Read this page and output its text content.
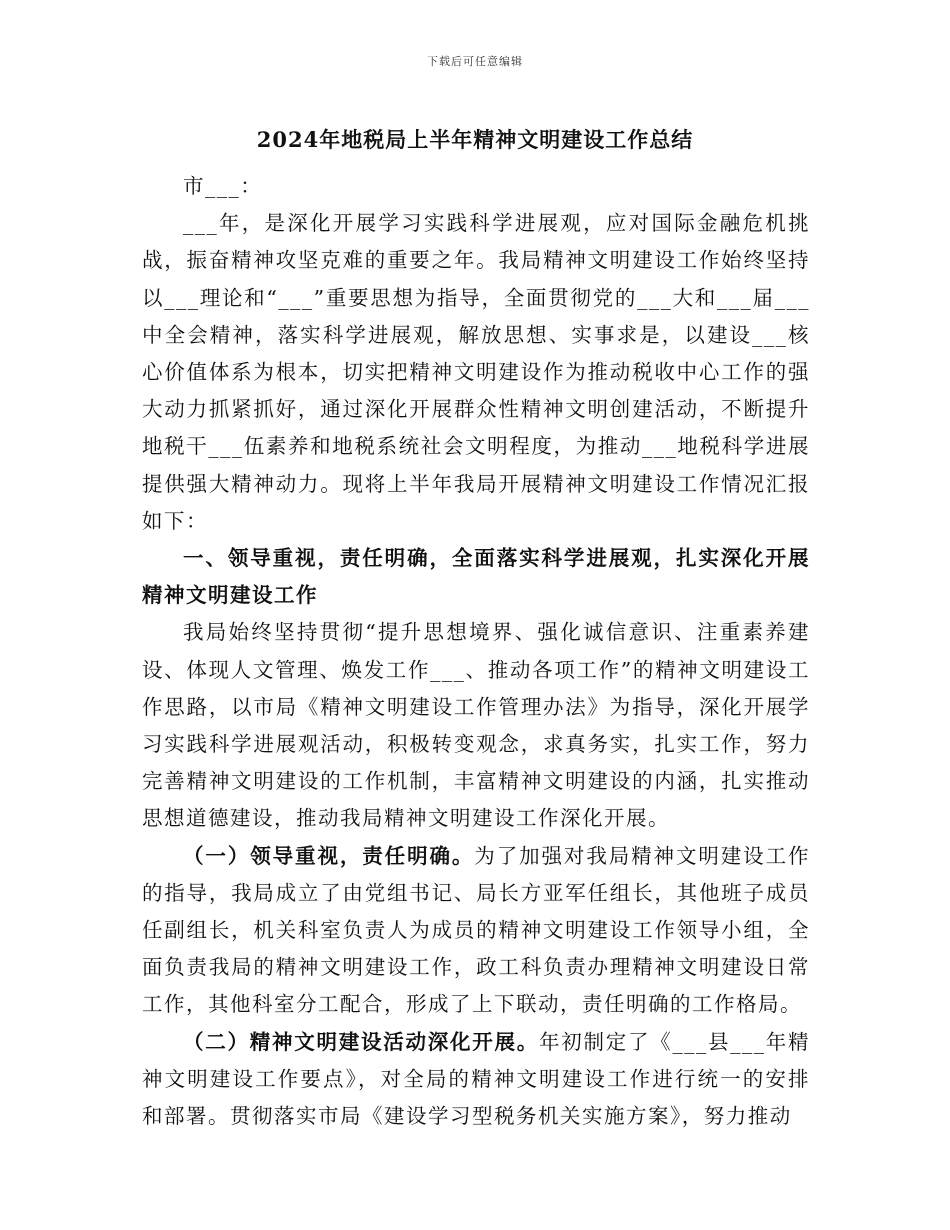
下载后可任意编辑
2024年地税局上半年精神文明建设工作总结

市___：

___年，是深化开展学习实践科学进展观，应对国际金融危机挑战，振奋精神攻坚克难的重要之年。我局精神文明建设工作始终坚持以___理论和“___”重要思想为指导，全面贯彻党的___大和___届___中全会精神，落实科学进展观，解放思想、实事求是，以建设___核心价值体系为根本，切实把精神文明建设作为推动税收中心工作的强大动力抓紧抓好，通过深化开展群众性精神文明创建活动，不断提升地税干___伍素养和地税系统社会文明程度，为推动___地税科学进展提供强大精神动力。现将上半年我局开展精神文明建设工作情况汇报如下：

一、领导重视，责任明确，全面落实科学进展观，扎实深化开展精神文明建设工作

我局始终坚持贯彻“提升思想境界、强化诚信意识、注重素养建设、体现人文管理、焕发工作___、推动各项工作”的精神文明建设工作思路，以市局《精神文明建设工作管理办法》为指导，深化开展学习实践科学进展观活动，积极转变观念，求真务实，扎实工作，努力完善精神文明建设的工作机制，丰富精神文明建设的内涵，扎实推动思想道德建设，推动我局精神文明建设工作深化开展。

（一）领导重视，责任明确。为了加强对我局精神文明建设工作的指导，我局成立了由党组书记、局长方亚军任组长，其他班子成员任副组长，机关科室负责人为成员的精神文明建设工作领导小组，全面负责我局的精神文明建设工作，政工科负责办理精神文明建设日常工作，其他科室分工配合，形成了上下联动，责任明确的工作格局。

（二）精神文明建设活动深化开展。年初制定了《___县___年精神文明建设工作要点》，对全局的精神文明建设工作进行统一的安排和部署。贯彻落实市局《建设学习型税务机关实施方案》，努力推动
